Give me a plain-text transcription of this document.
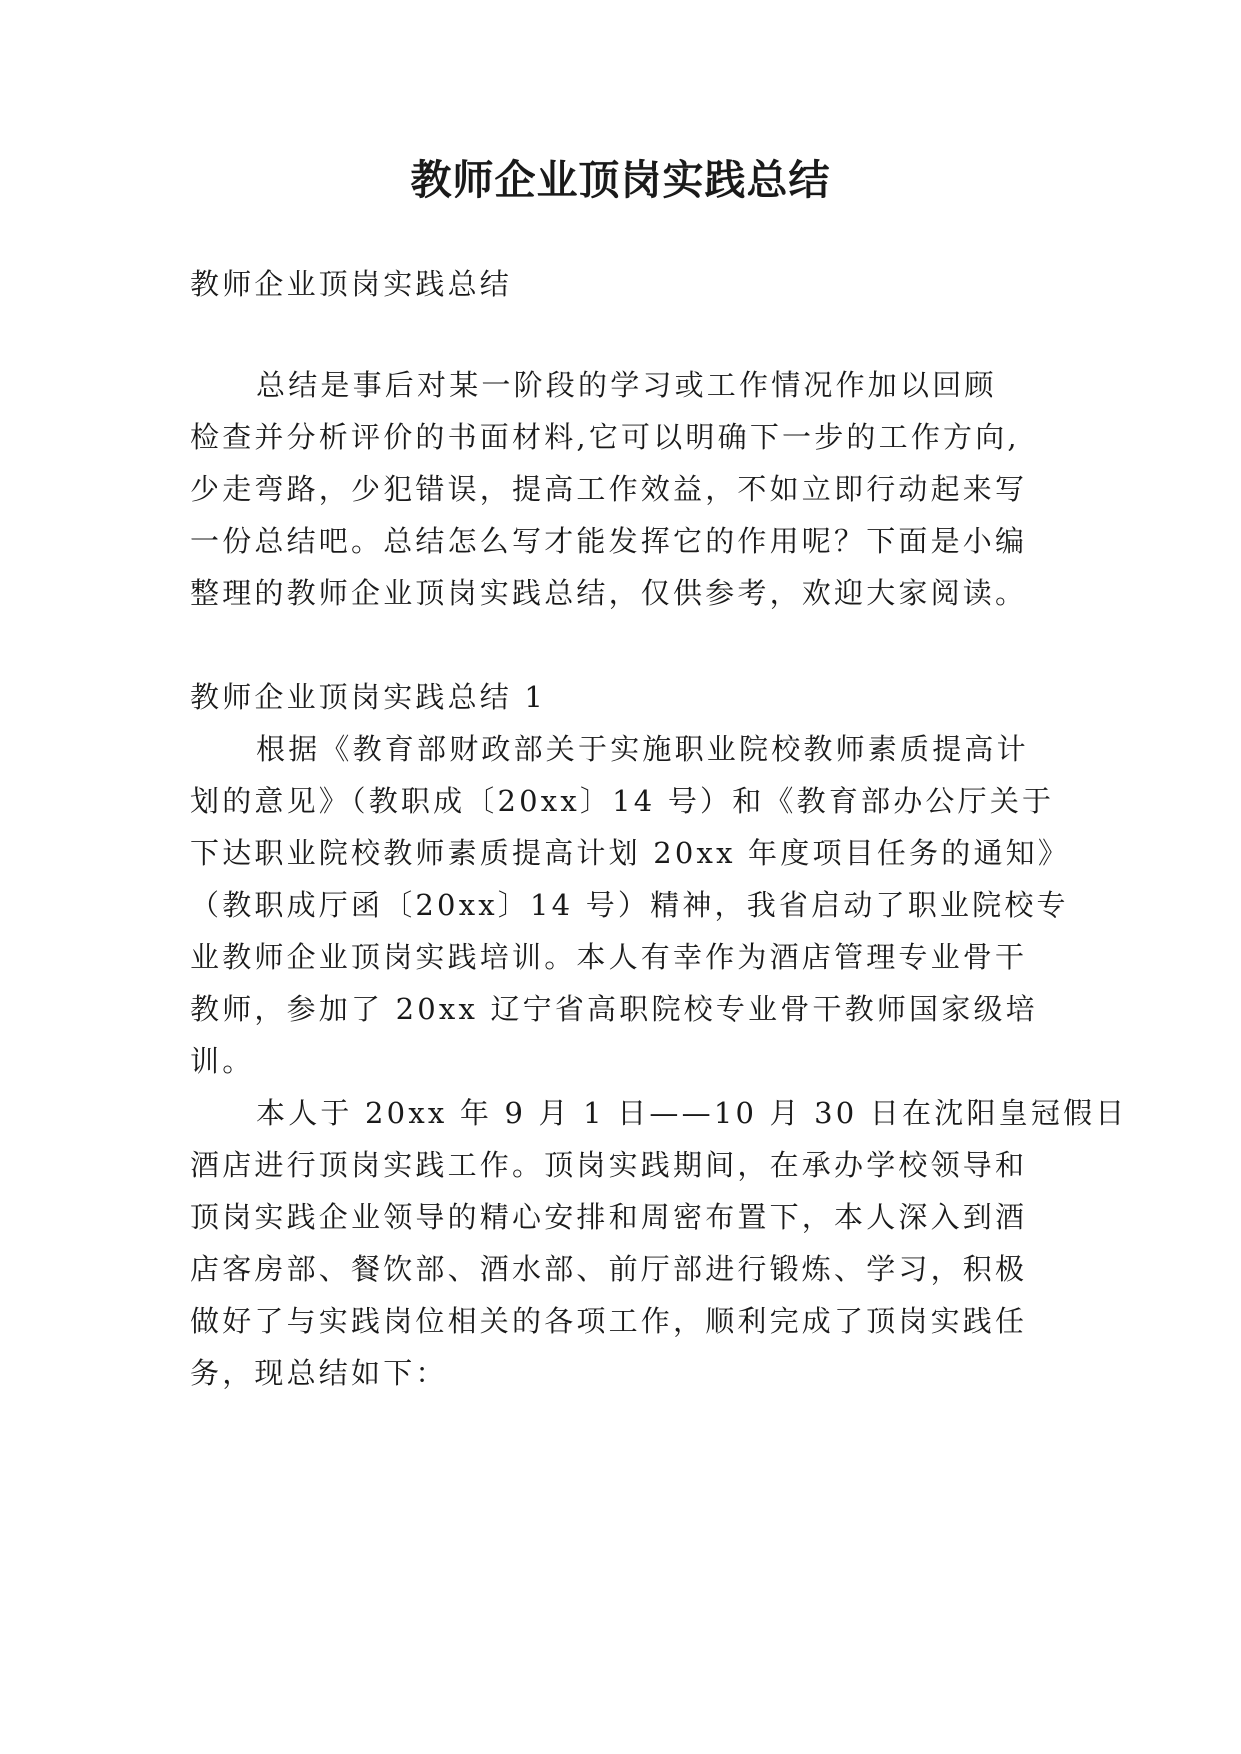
教师企业顶岗实践总结

教师企业顶岗实践总结

总结是事后对某一阶段的学习或工作情况作加以回顾

检查并分析评价的书面材料,它可以明确下一步的工作方向,

少走弯路，少犯错误，提高工作效益，不如立即行动起来写

一份总结吧。总结怎么写才能发挥它的作用呢？下面是小编

整理的教师企业顶岗实践总结，仅供参考，欢迎大家阅读。

教师企业顶岗实践总结 1

根据《教育部财政部关于实施职业院校教师素质提高计

划的意见》（教职成〔20xx〕14 号）和《教育部办公厅关于

下达职业院校教师素质提高计划 20xx 年度项目任务的通知》

（教职成厅函〔20xx〕14 号）精神，我省启动了职业院校专

业教师企业顶岗实践培训。本人有幸作为酒店管理专业骨干

教师，参加了 20xx 辽宁省高职院校专业骨干教师国家级培

训。

本人于 20xx 年 9 月 1 日——10 月 30 日在沈阳皇冠假日

酒店进行顶岗实践工作。顶岗实践期间，在承办学校领导和

顶岗实践企业领导的精心安排和周密布置下，本人深入到酒

店客房部、餐饮部、酒水部、前厅部进行锻炼、学习，积极

做好了与实践岗位相关的各项工作，顺利完成了顶岗实践任

务，现总结如下：
